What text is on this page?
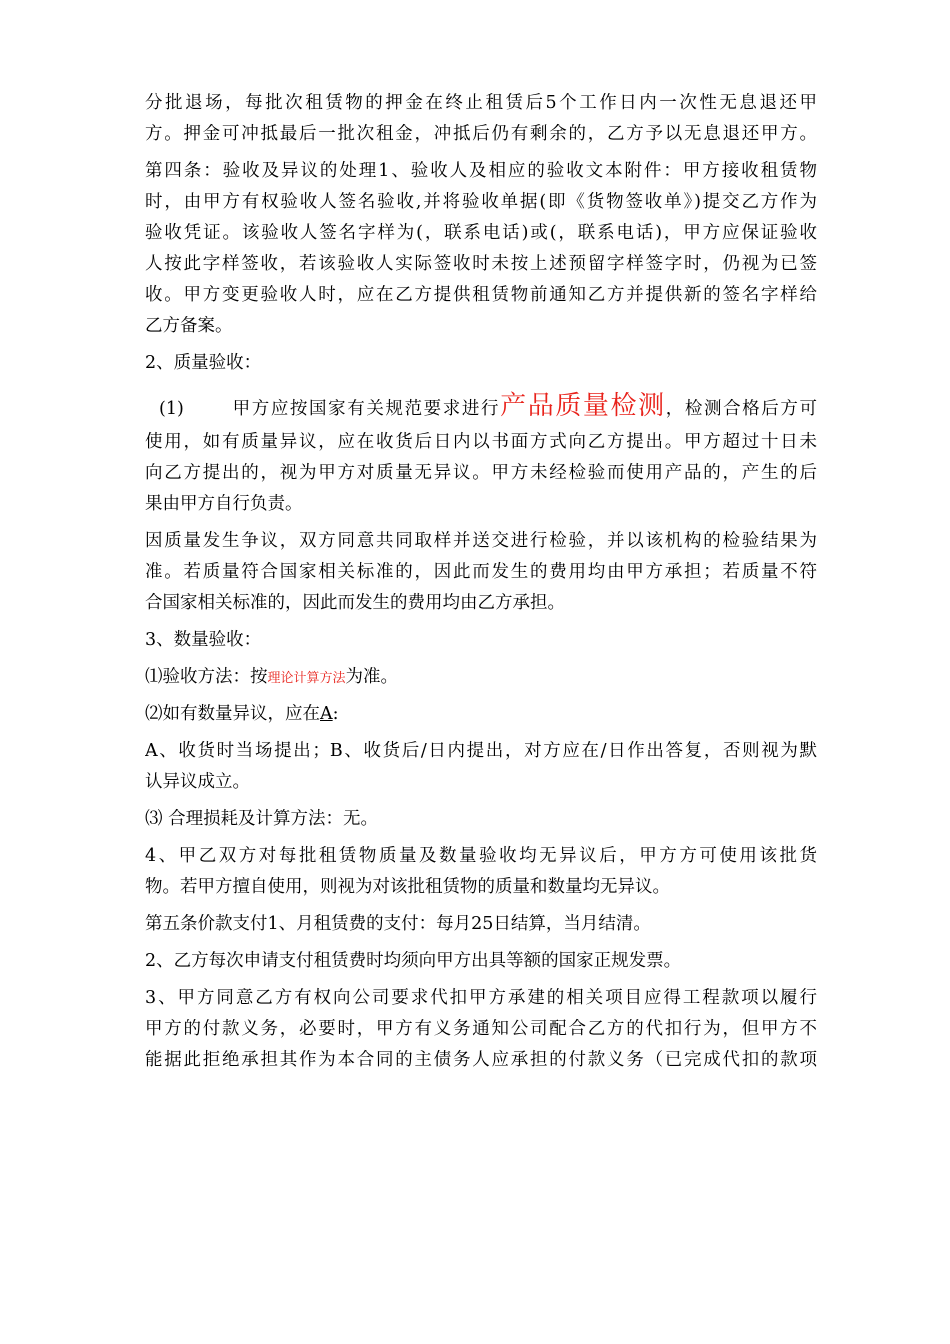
分批退场，每批次租赁物的押金在终止租赁后5个工作日内一次性无息退还甲
方。押金可冲抵最后一批次租金，冲抵后仍有剩余的，乙方予以无息退还甲方。
第四条：验收及异议的处理1、验收人及相应的验收文本附件：甲方接收租赁物
时，由甲方有权验收人签名验收,并将验收单据(即《货物签收单》)提交乙方作为
验收凭证。该验收人签名字样为(，联系电话)或(，联系电话)，甲方应保证验收
人按此字样签收，若该验收人实际签收时未按上述预留字样签字时，仍视为已签
收。甲方变更验收人时，应在乙方提供租赁物前通知乙方并提供新的签名字样给
乙方备案。
2、质量验收：
(1)	甲方应按国家有关规范要求进行产品质量检测，检测合格后方可
使用，如有质量异议，应在收货后日内以书面方式向乙方提出。甲方超过十日未
向乙方提出的，视为甲方对质量无异议。甲方未经检验而使用产品的，产生的后
果由甲方自行负责。
因质量发生争议，双方同意共同取样并送交进行检验，并以该机构的检验结果为
准。若质量符合国家相关标准的，因此而发生的费用均由甲方承担；若质量不符
合国家相关标准的，因此而发生的费用均由乙方承担。
3、数量验收：
⑴验收方法：按理论计算方法为准。
⑵如有数量异议，应在A:
A、收货时当场提出；B、收货后/日内提出，对方应在/日作出答复，否则视为默
认异议成立。
⑶ 合理损耗及计算方法：无。
4、甲乙双方对每批租赁物质量及数量验收均无异议后，甲方方可使用该批货
物。若甲方擅自使用，则视为对该批租赁物的质量和数量均无异议。
第五条价款支付1、月租赁费的支付：每月25日结算，当月结清。
2、乙方每次申请支付租赁费时均须向甲方出具等额的国家正规发票。
3、甲方同意乙方有权向公司要求代扣甲方承建的相关项目应得工程款项以履行
甲方的付款义务，必要时，甲方有义务通知公司配合乙方的代扣行为，但甲方不
能据此拒绝承担其作为本合同的主债务人应承担的付款义务（已完成代扣的款项
